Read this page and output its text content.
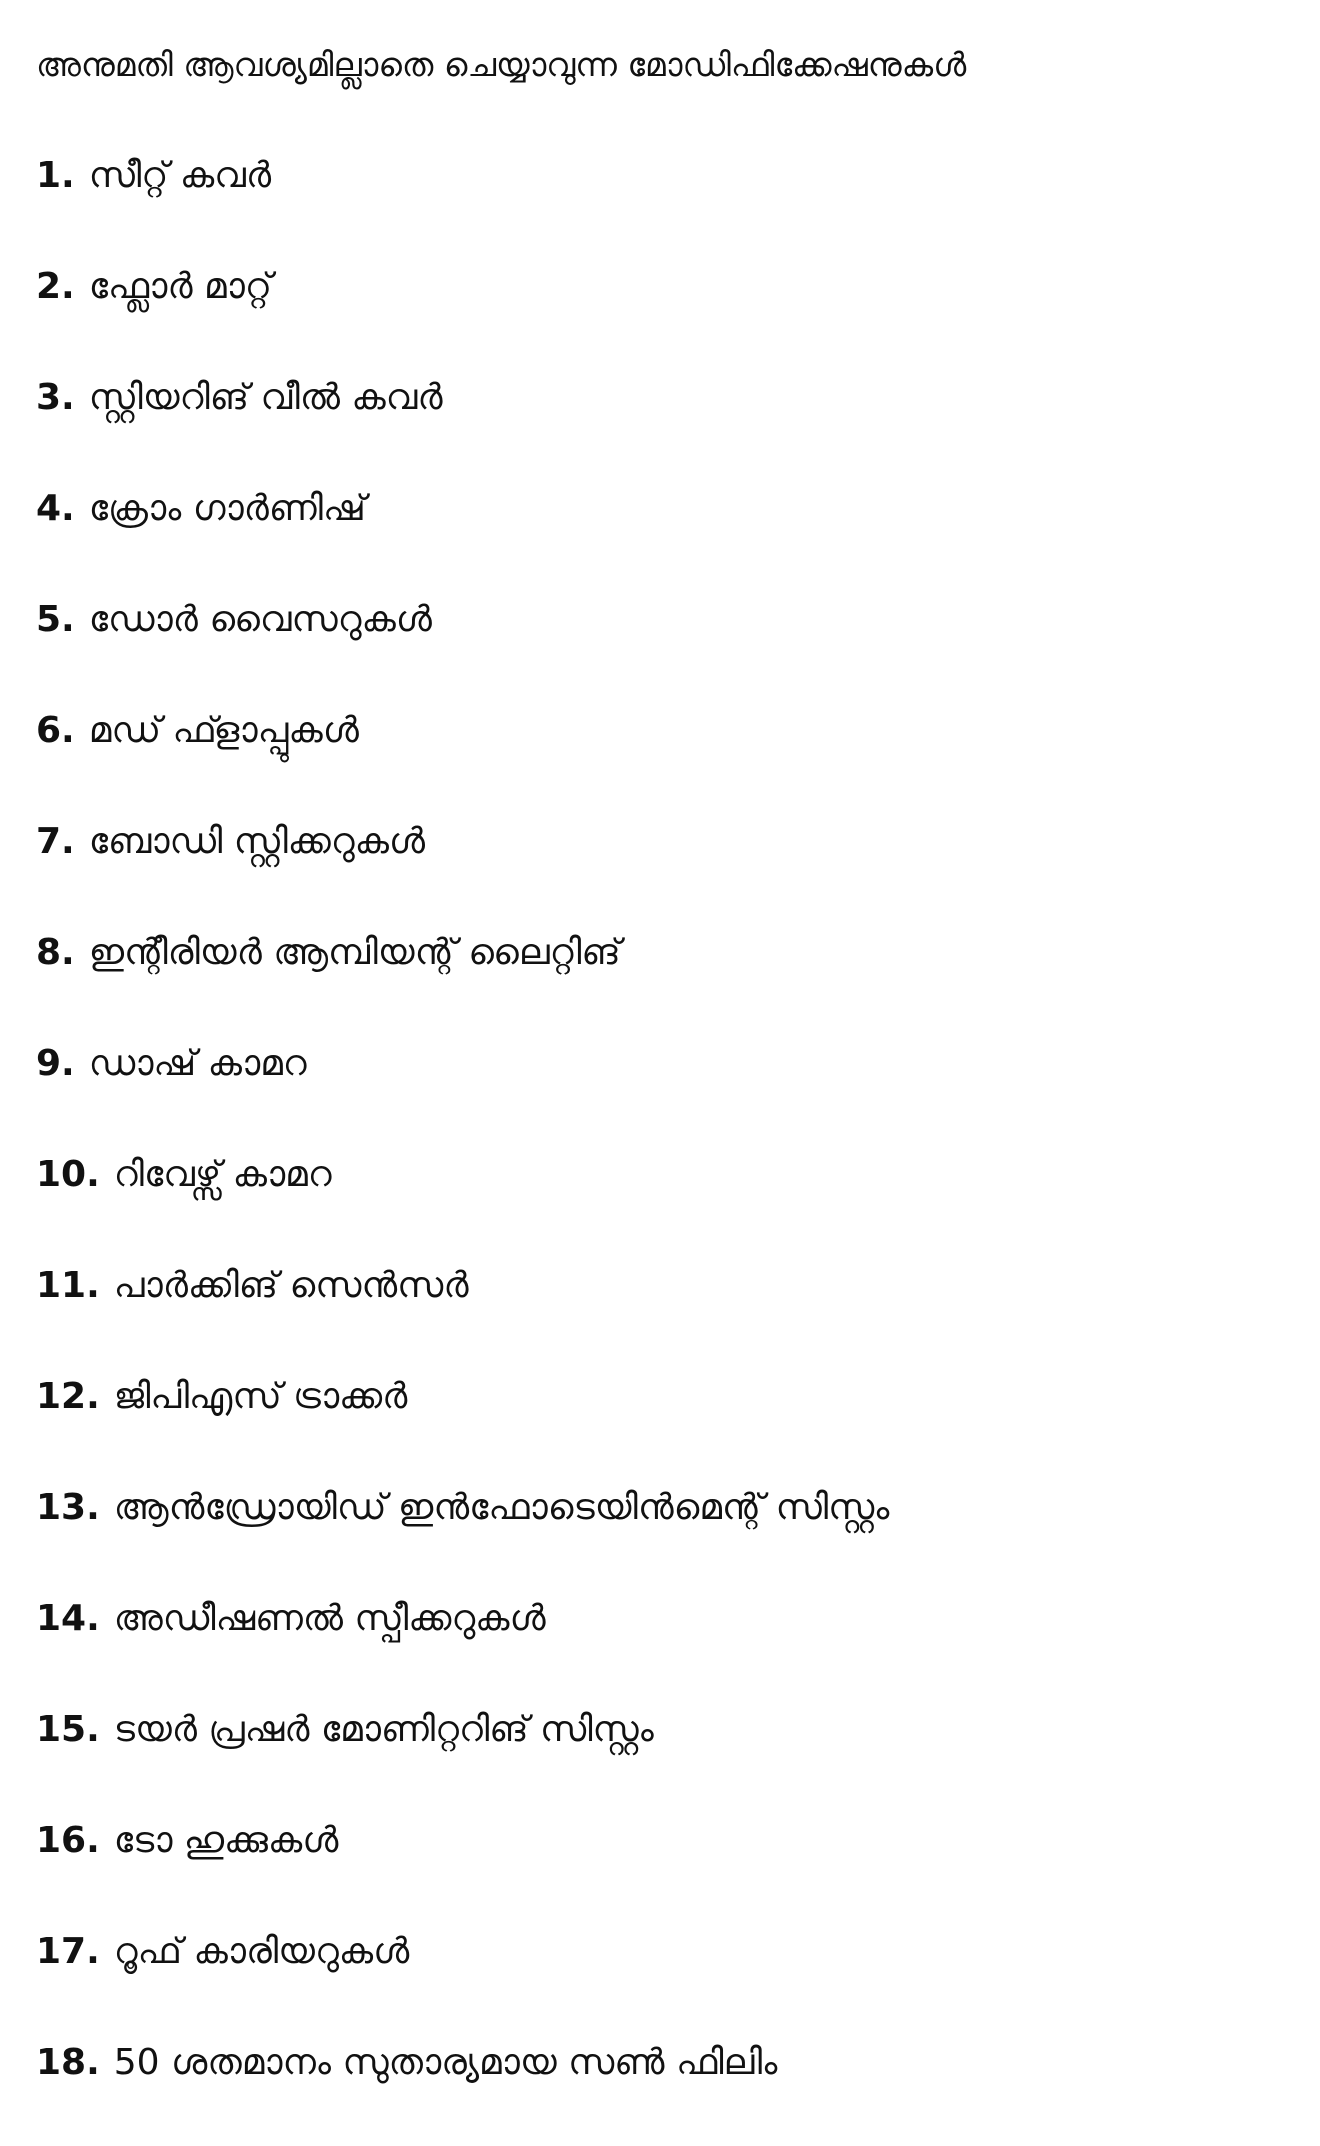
അനുമതി ആവശ്യമില്ലാതെ ചെയ്യാവുന്ന മോഡിഫിക്കേഷനുകൾ
1. സീറ്റ് കവർ
2. ഫ്ലോർ മാറ്റ്
3. സ്റ്റിയറിങ് വീൽ കവർ
4. ക്രോം ഗാർണിഷ്
5. ഡോർ വൈസറുകൾ
6. മഡ് ഫ്ളാപ്പുകൾ
7. ബോഡി സ്റ്റിക്കറുകൾ
8. ഇന്റീരിയർ ആമ്പിയന്റ് ലൈറ്റിങ്
9. ഡാഷ് കാമറ
10. റിവേഴ്സ് കാമറ
11. പാർക്കിങ് സെൻസർ
12. ജിപിഎസ് ട്രാക്കർ
13. ആൻഡ്രോയിഡ് ഇൻഫോടെയിൻമെന്റ് സിസ്റ്റം
14. അഡീഷണൽ സ്പീക്കറുകൾ
15. ടയർ പ്രഷർ മോണിറ്ററിങ് സിസ്റ്റം
16. ടോ ഹുക്കുകൾ
17. റൂഫ് കാരിയറുകൾ
18. 50 ശതമാനം സുതാര്യമായ സൺ ഫിലിം
